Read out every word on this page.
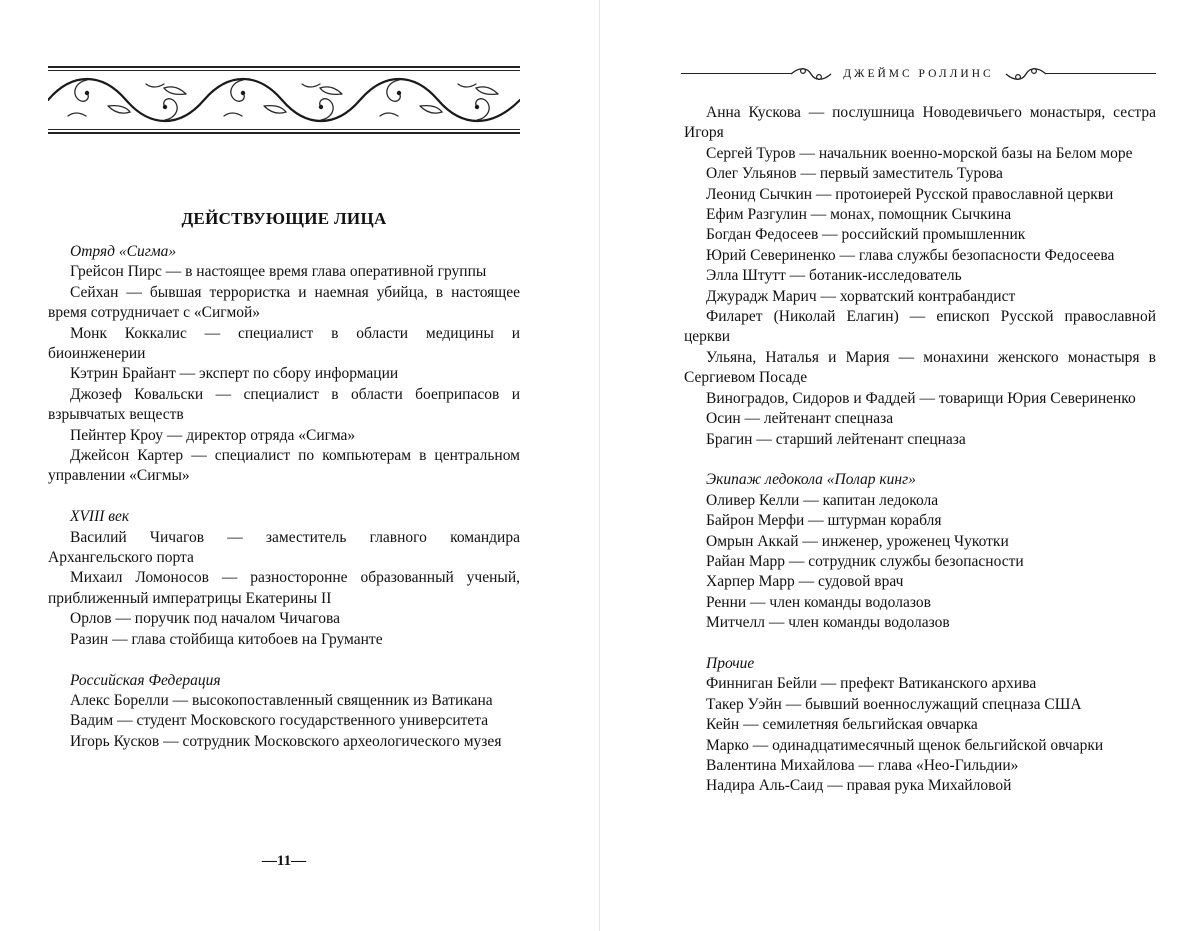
ДЕЙСТВУЮЩИЕ ЛИЦА
Отряд «Сигма»
Грейсон Пирс — в настоящее время глава оперативной группы
Сейхан — бывшая террористка и наемная убийца, в настоящее время сотрудничает с «Сигмой»
Монк Коккалис — специалист в области медицины и биоинженерии
Кэтрин Брайант — эксперт по сбору информации
Джозеф Ковальски — специалист в области боеприпасов и взрывчатых веществ
Пейнтер Кроу — директор отряда «Сигма»
Джейсон Картер — специалист по компьютерам в центральном управлении «Сигмы»
XVIII век
Василий Чичагов — заместитель главного командира Архангельского порта
Михаил Ломоносов — разносторонне образованный ученый, приближенный императрицы Екатерины II
Орлов — поручик под началом Чичагова
Разин — глава стойбища китобоев на Груманте
Российская Федерация
Алекс Борелли — высокопоставленный священник из Ватикана
Вадим — студент Московского государственного университета
Игорь Кусков — сотрудник Московского археологического музея
—11—
ДЖЕЙМС РОЛЛИНС
Анна Кускова — послушница Новодевичьего монастыря, сестра Игоря
Сергей Туров — начальник военно-морской базы на Белом море
Олег Ульянов — первый заместитель Турова
Леонид Сычкин — протоиерей Русской православной церкви
Ефим Разгулин — монах, помощник Сычкина
Богдан Федосеев — российский промышленник
Юрий Севериненко — глава службы безопасности Федосеева
Элла Штутт — ботаник-исследователь
Джурадж Марич — хорватский контрабандист
Филарет (Николай Елагин) — епископ Русской православной церкви
Ульяна, Наталья и Мария — монахини женского монастыря в Сергиевом Посаде
Виноградов, Сидоров и Фаддей — товарищи Юрия Севериненко
Осин — лейтенант спецназа
Брагин — старший лейтенант спецназа
Экипаж ледокола «Полар кинг»
Оливер Келли — капитан ледокола
Байрон Мерфи — штурман корабля
Омрын Аккай — инженер, уроженец Чукотки
Райан Марр — сотрудник службы безопасности
Харпер Марр — судовой врач
Ренни — член команды водолазов
Митчелл — член команды водолазов
Прочие
Финниган Бейли — префект Ватиканского архива
Такер Уэйн — бывший военнослужащий спецназа США
Кейн — семилетняя бельгийская овчарка
Марко — одинадцатимесячный щенок бельгийской овчарки
Валентина Михайлова — глава «Нео-Гильдии»
Надира Аль-Саид — правая рука Михайловой
